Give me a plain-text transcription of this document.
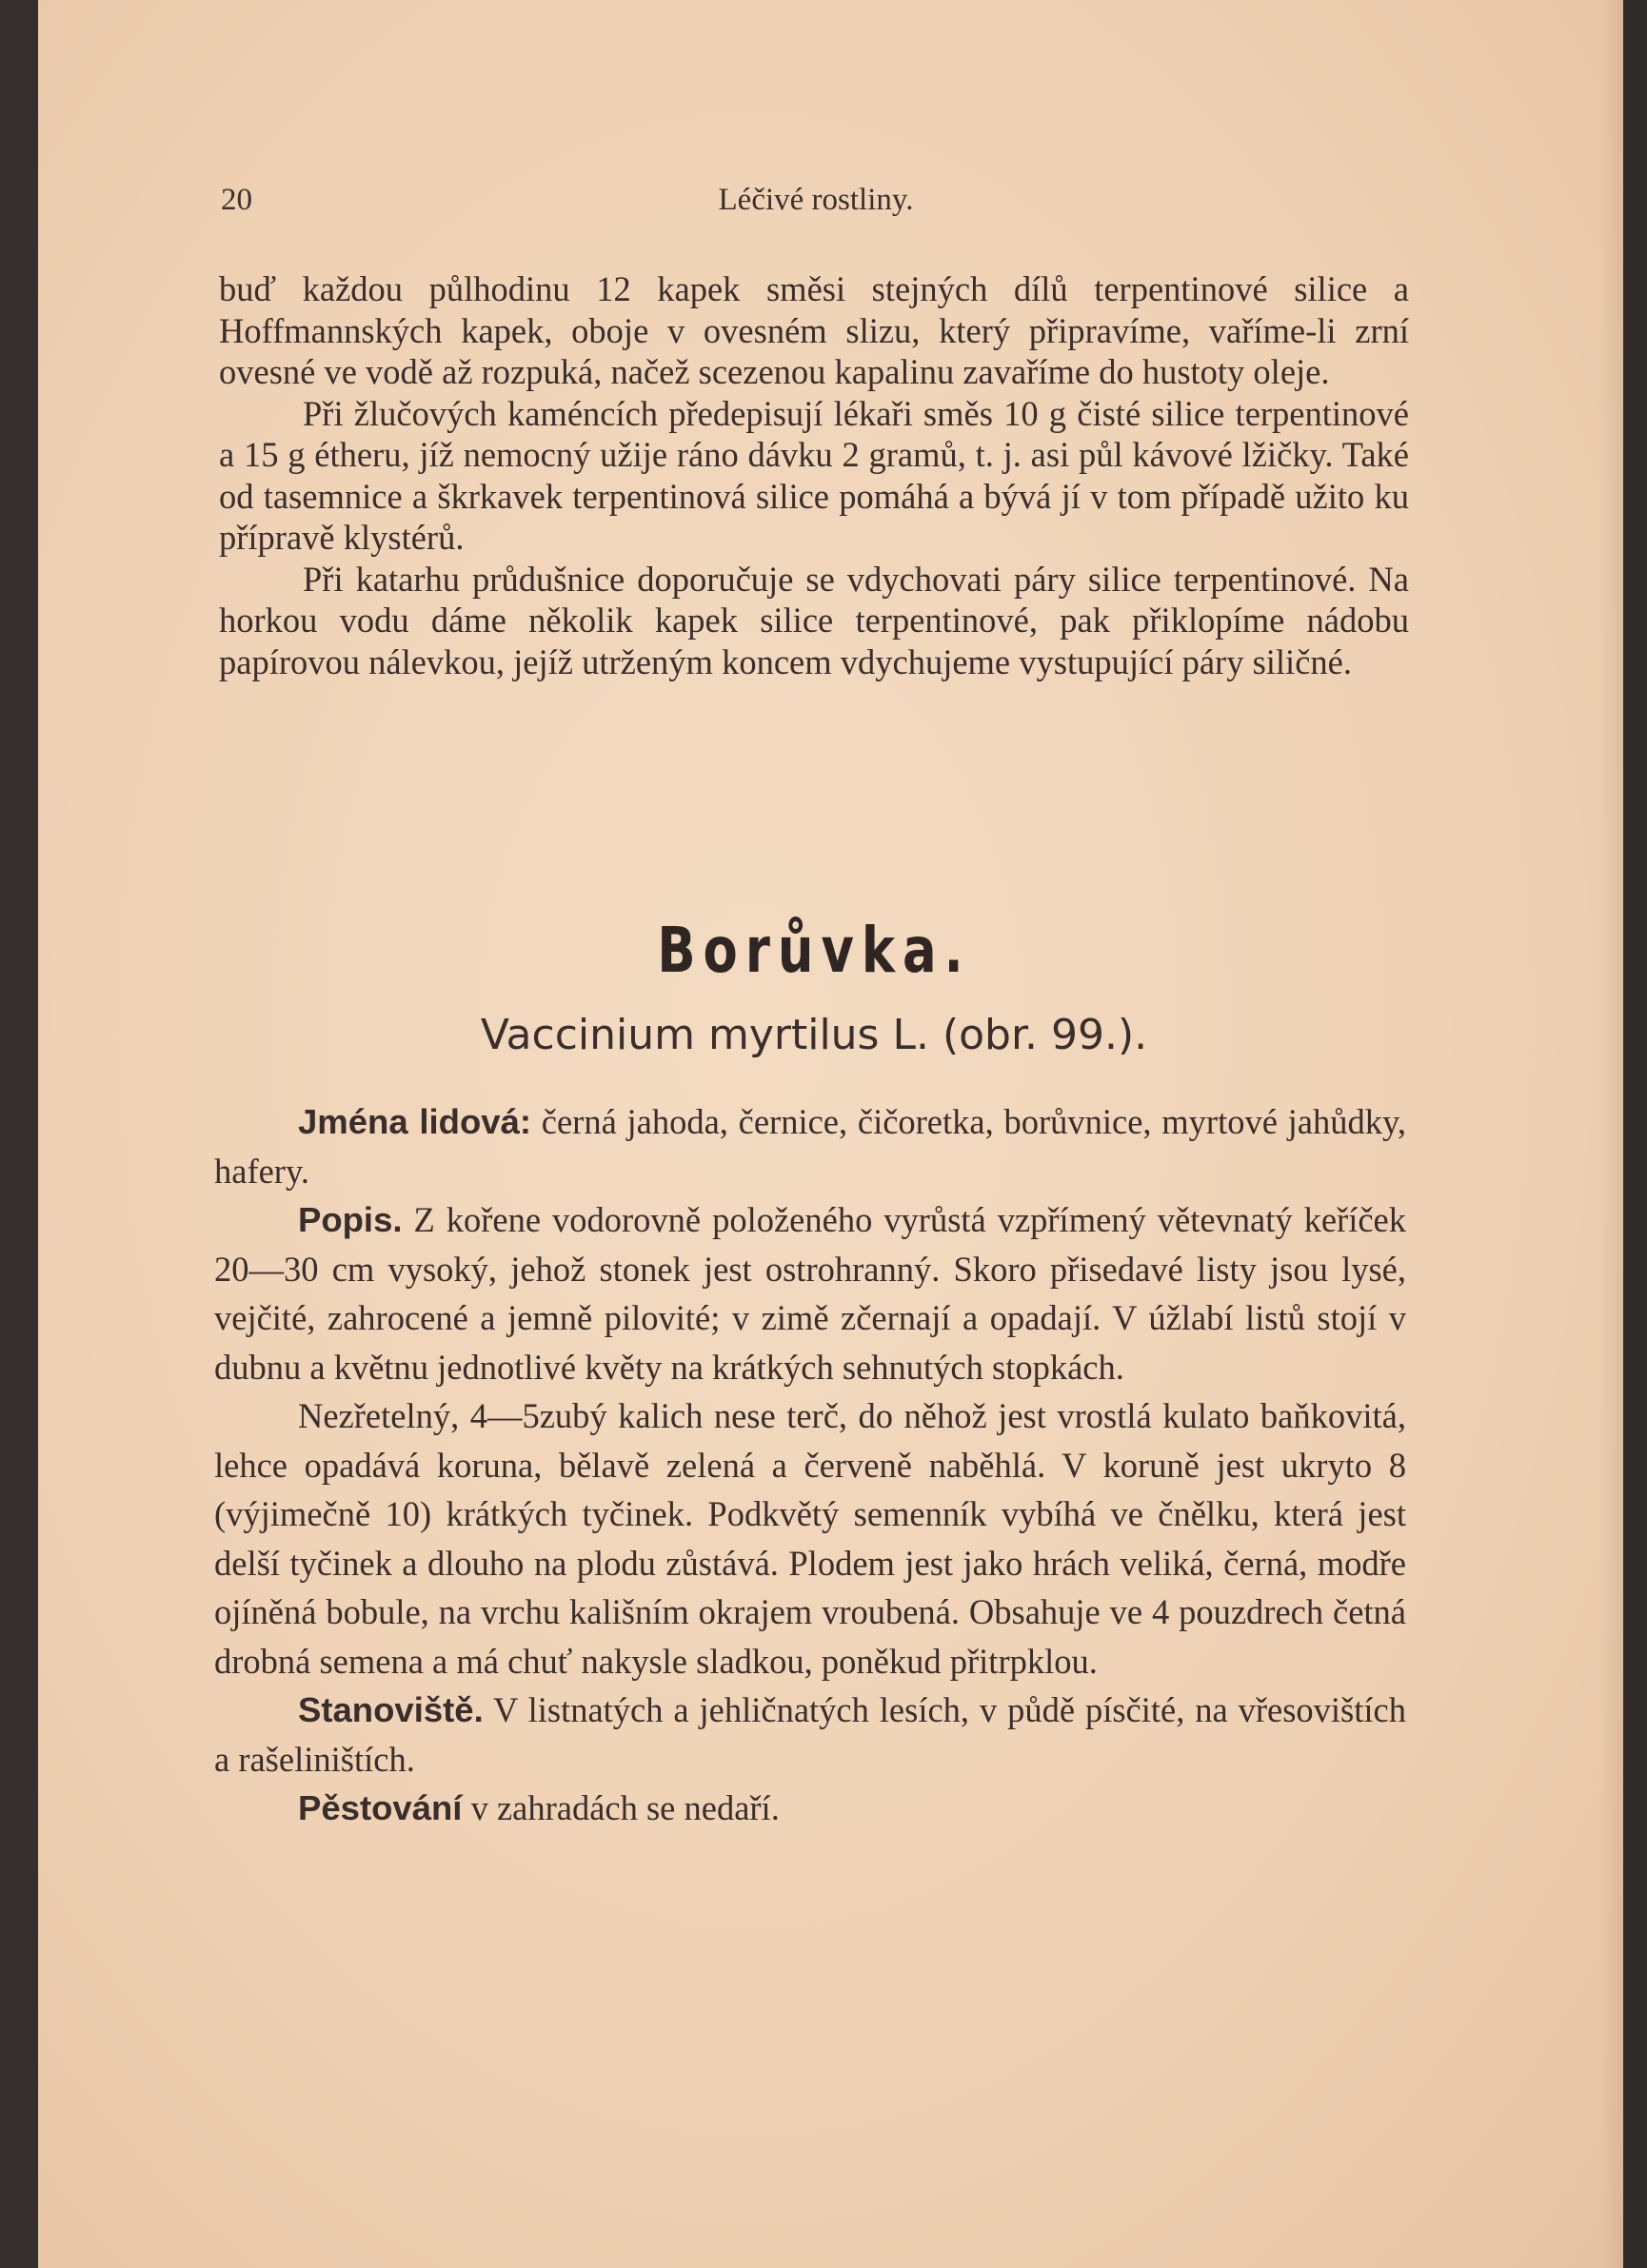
20	Léčivé rostliny.

buď každou půlhodinu 12 kapek směsi stejných dílů terpentinové silice a Hoffmannských kapek, oboje v ovesném slizu, který připravíme, vaříme-li zrní ovesné ve vodě až rozpuká, načež scezenou kapalinu zavaříme do hustoty oleje.

Při žlučových kaméncích předepisují lékaři směs 10 g čisté silice terpentinové a 15 g étheru, jíž nemocný užije ráno dávku 2 gramů, t. j. asi půl kávové lžičky. Také od tasemnice a škrkavek terpentinová silice pomáhá a bývá jí v tom případě užito ku přípravě klystérů.

Při katarhu průdušnice doporučuje se vdychovati páry silice terpentinové. Na horkou vodu dáme několik kapek silice terpentinové, pak přiklopíme nádobu papírovou nálevkou, jejíž utrženým koncem vdychujeme vystupující páry siličné.

Borůvka.
Vaccinium myrtilus L. (obr. 99.).

Jména lidová: černá jahoda, černice, čičoretka, borůvnice, myrtové jahůdky, hafery.

Popis. Z kořene vodorovně položeného vyrůstá vzpřímený větevnatý keříček 20—30 cm vysoký, jehož stonek jest ostrohranný. Skoro přisedavé listy jsou lysé, vejčité, zahrocené a jemně pilovité; v zimě zčernají a opadají. V úžlabí listů stojí v dubnu a květnu jednotlivé květy na krátkých sehnutých stopkách.

Nezřetelný, 4—5zubý kalich nese terč, do něhož jest vrostlá kulato baňkovitá, lehce opadává koruna, bělavě zelená a červeně naběhlá. V koruně jest ukryto 8 (výjimečně 10) krátkých tyčinek. Podkvětý semenník vybíhá ve čnělku, která jest delší tyčinek a dlouho na plodu zůstává. Plodem jest jako hrách veliká, černá, modře ojíněná bobule, na vrchu kališním okrajem vroubená. Obsahuje ve 4 pouzdrech četná drobná semena a má chuť nakysle sladkou, poněkud přitrpklou.

Stanoviště. V listnatých a jehličnatých lesích, v půdě písčité, na vřesovištích a rašeliništích.

Pěstování v zahradách se nedaří.
